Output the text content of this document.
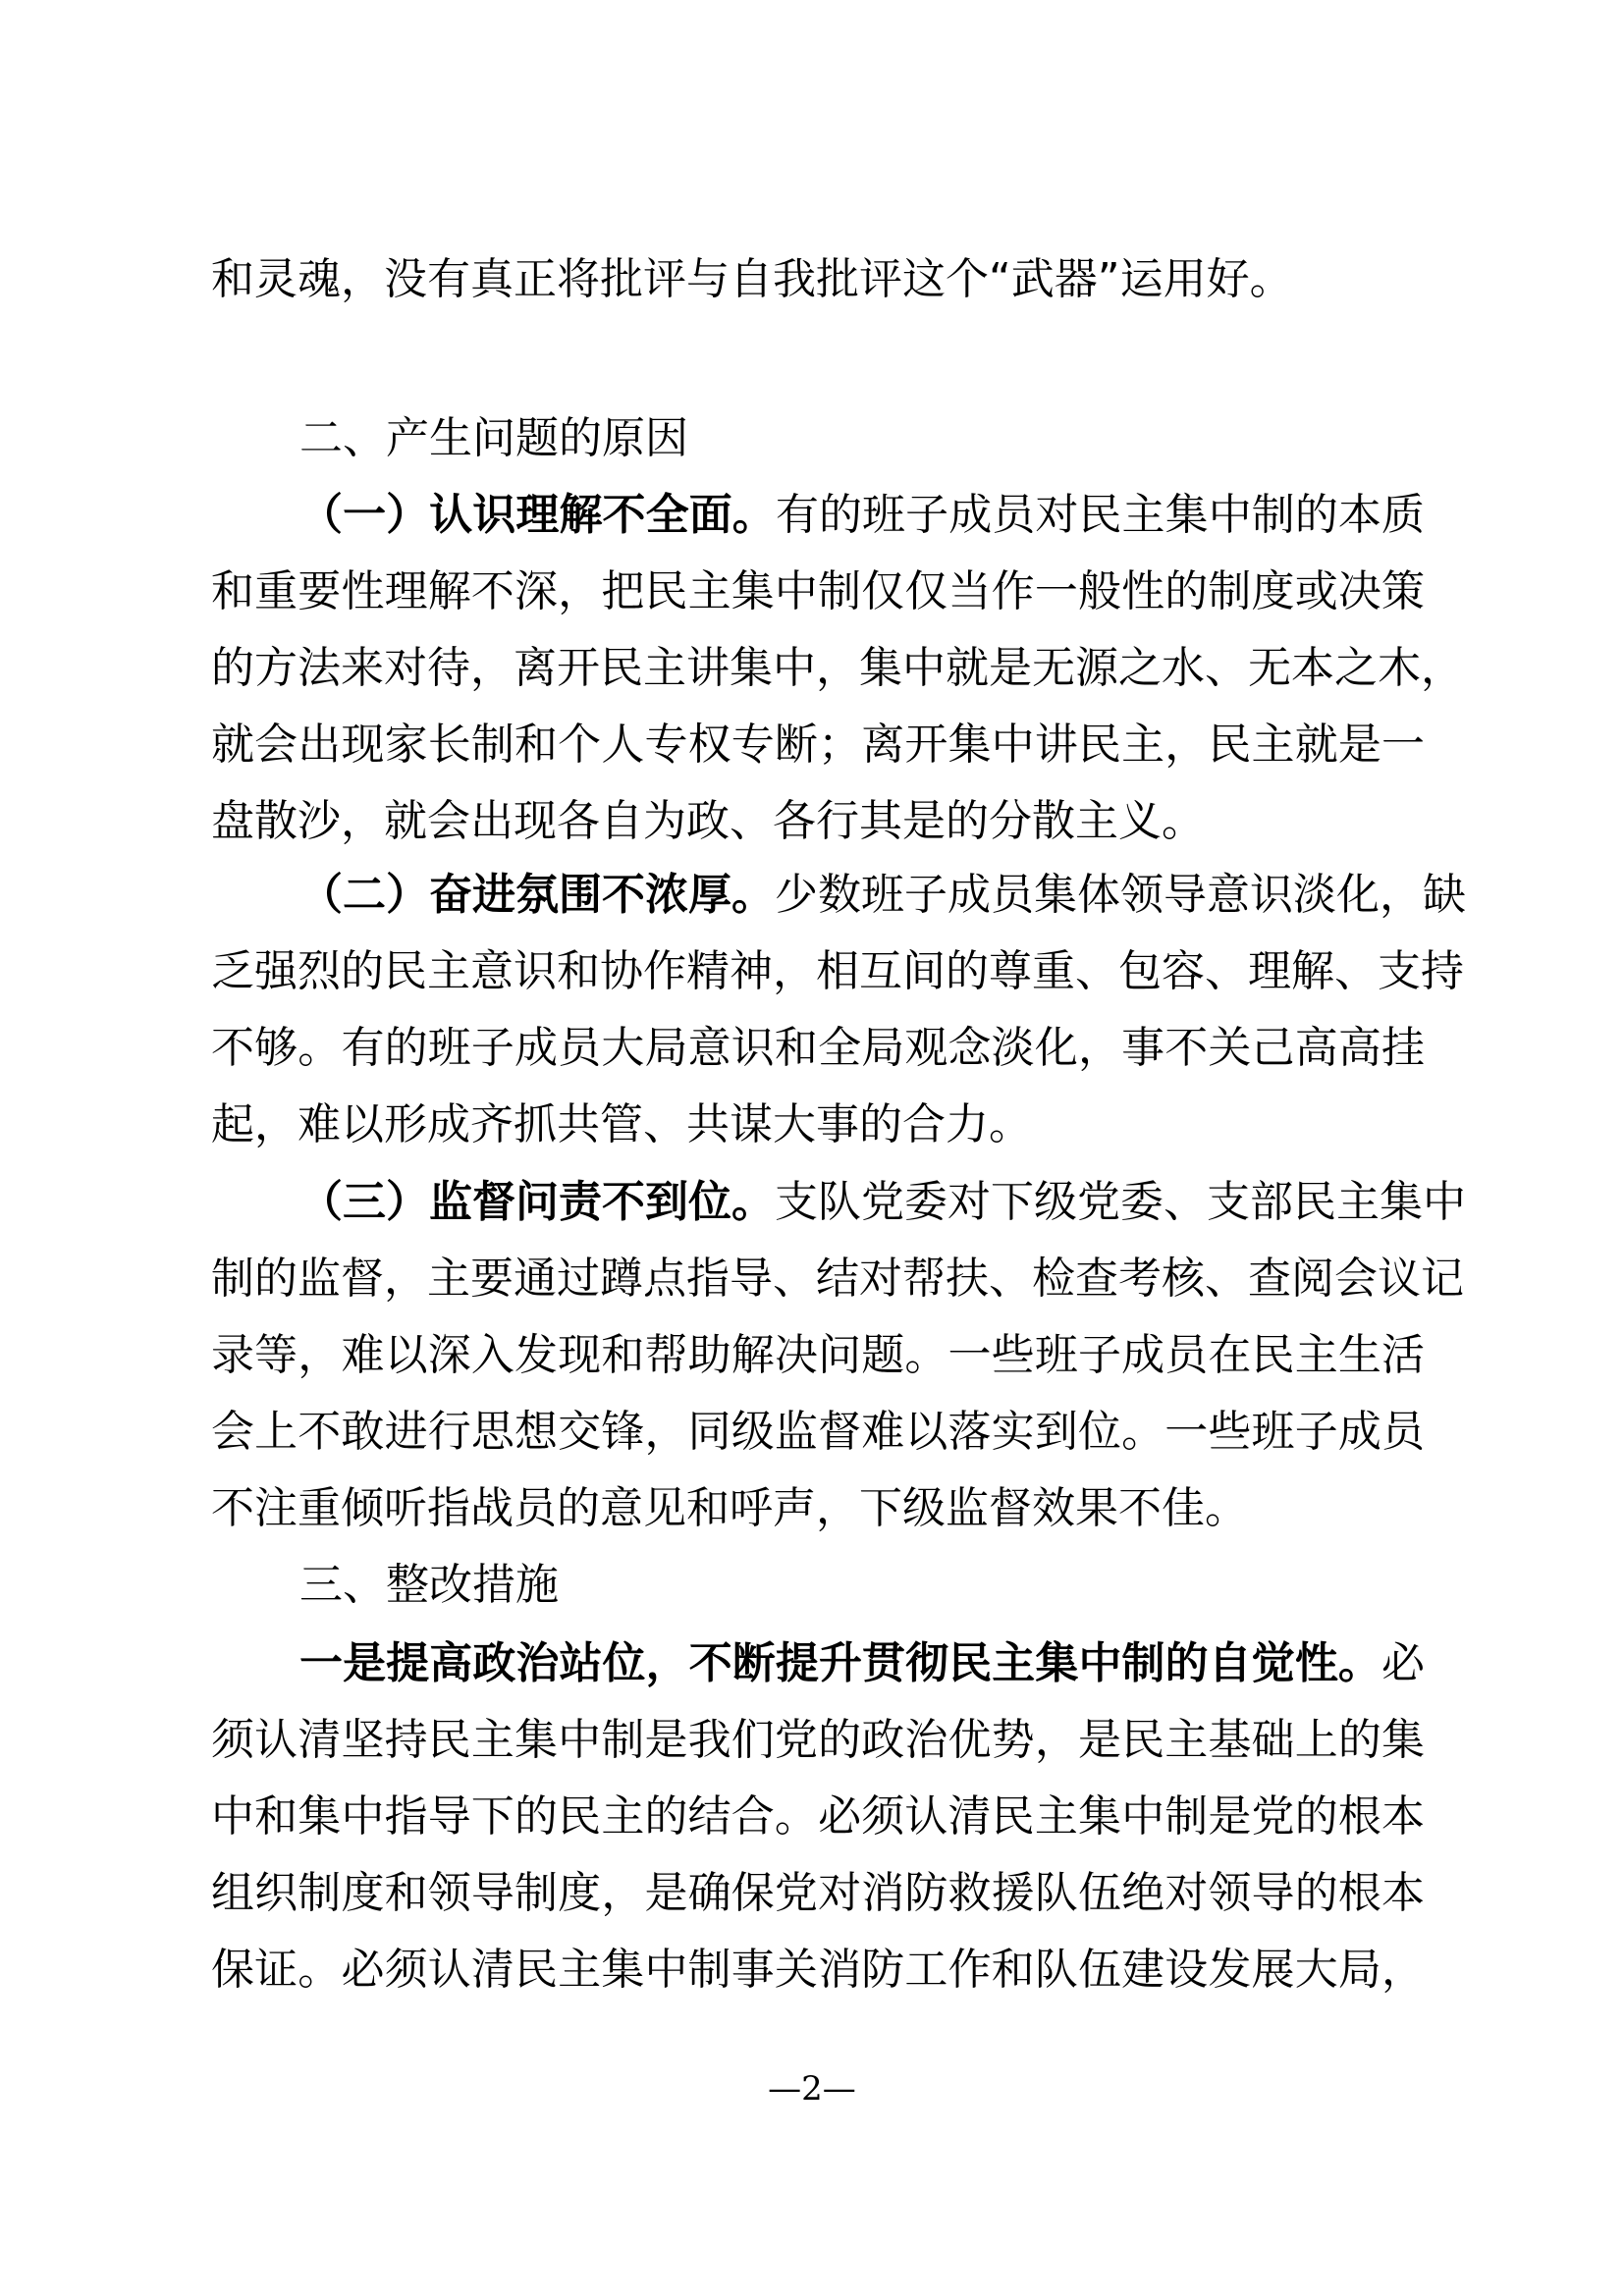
和灵魂，没有真正将批评与自我批评这个“武器”运用好。
二、产生问题的原因
（一）认识理解不全面。有的班子成员对民主集中制的本质
和重要性理解不深，把民主集中制仅仅当作一般性的制度或决策
的方法来对待，离开民主讲集中，集中就是无源之水、无本之木，
就会出现家长制和个人专权专断；离开集中讲民主，民主就是一
盘散沙，就会出现各自为政、各行其是的分散主义。
（二）奋进氛围不浓厚。少数班子成员集体领导意识淡化，缺
乏强烈的民主意识和协作精神，相互间的尊重、包容、理解、支持
不够。有的班子成员大局意识和全局观念淡化，事不关己高高挂
起，难以形成齐抓共管、共谋大事的合力。
（三）监督问责不到位。支队党委对下级党委、支部民主集中
制的监督，主要通过蹲点指导、结对帮扶、检查考核、查阅会议记
录等，难以深入发现和帮助解决问题。一些班子成员在民主生活
会上不敢进行思想交锋，同级监督难以落实到位。一些班子成员
不注重倾听指战员的意见和呼声，下级监督效果不佳。
三、整改措施
一是提高政治站位，不断提升贯彻民主集中制的自觉性。必
须认清坚持民主集中制是我们党的政治优势，是民主基础上的集
中和集中指导下的民主的结合。必须认清民主集中制是党的根本
组织制度和领导制度，是确保党对消防救援队伍绝对领导的根本
保证。必须认清民主集中制事关消防工作和队伍建设发展大局，
—2—
